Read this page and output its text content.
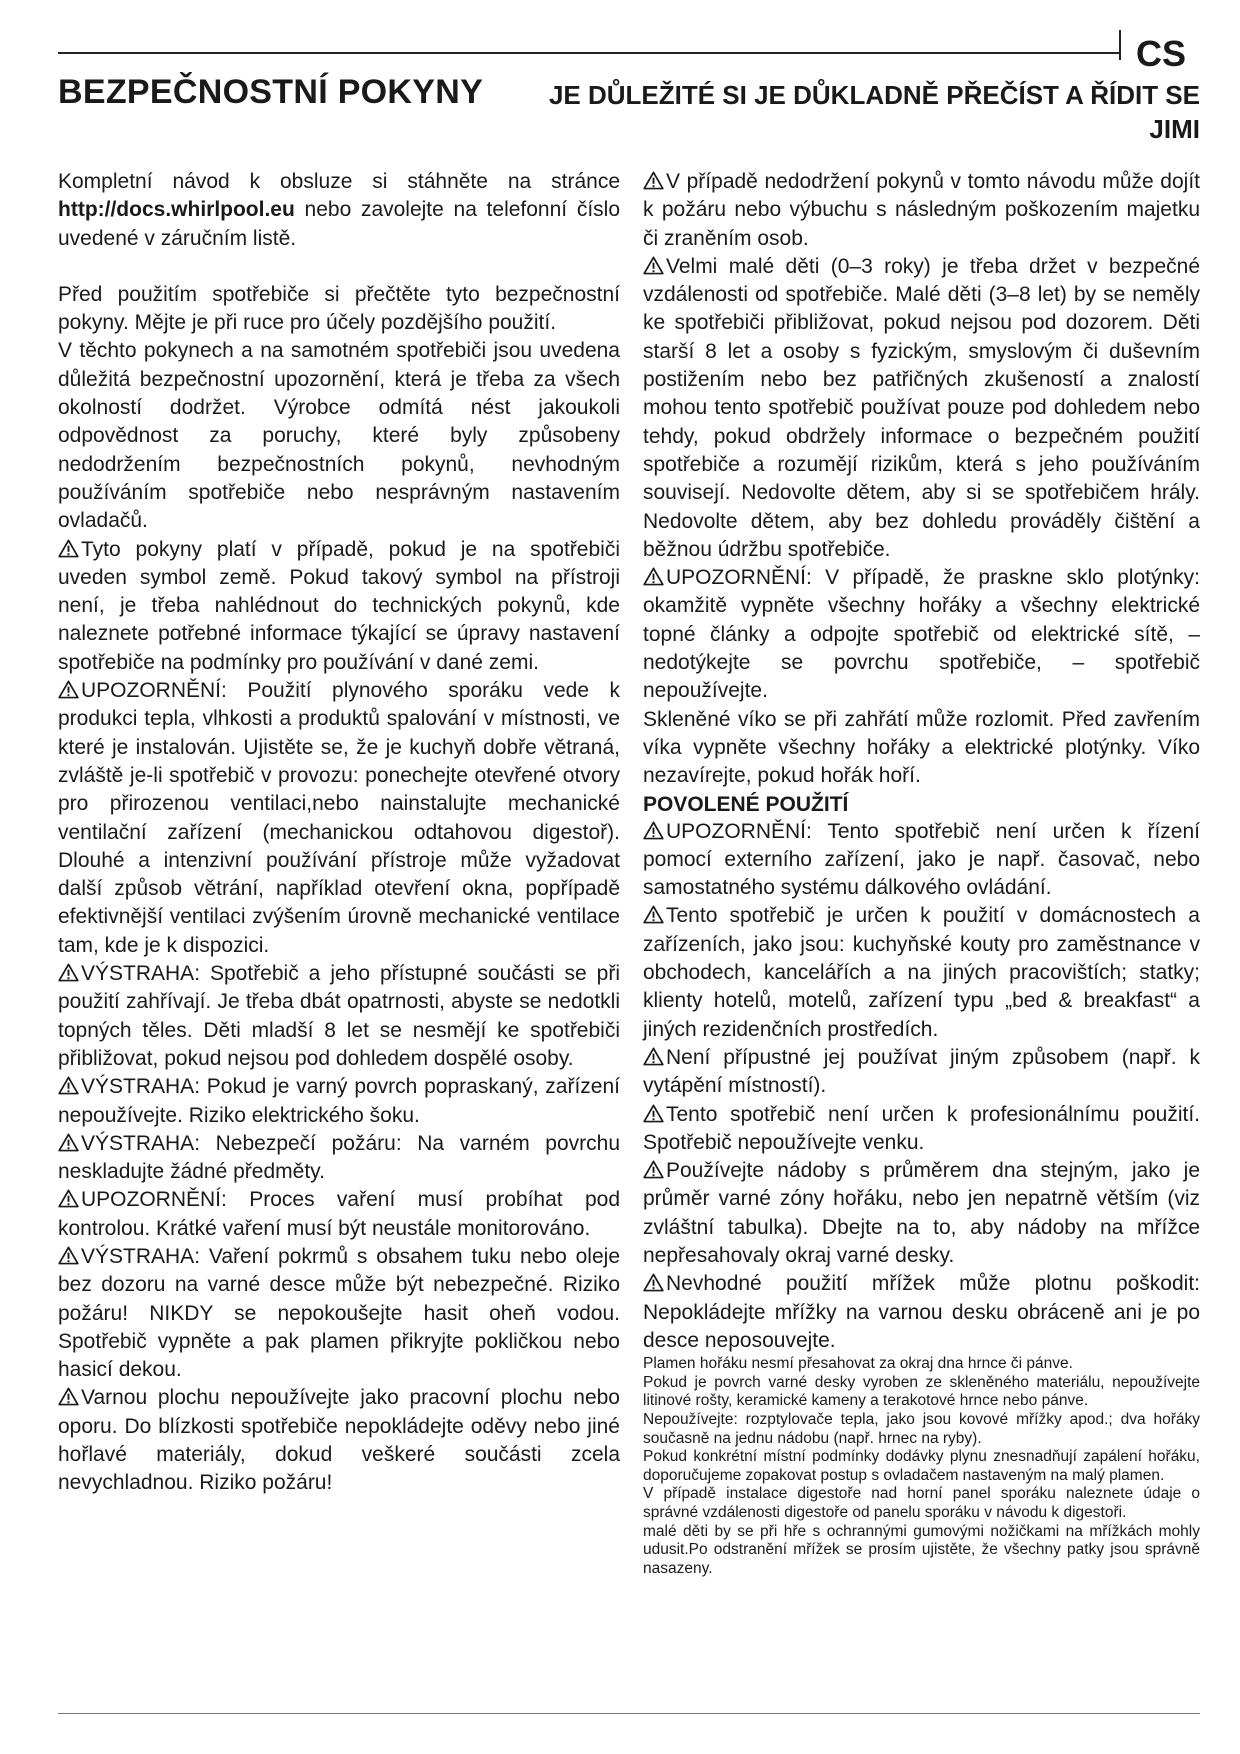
CS
BEZPEČNOSTNÍ POKYNY	JE DŮLEŽITÉ SI JE DŮKLADNĚ PŘEČÍST A ŘÍDIT SE JIMI

Kompletní návod k obsluze si stáhněte na stránce http://docs.whirlpool.eu nebo zavolejte na telefonní číslo uvedené v záručním listě.

Před použitím spotřebiče si přečtěte tyto bezpečnostní pokyny. Mějte je při ruce pro účely pozdějšího použití.

V těchto pokynech a na samotném spotřebiči jsou uvedena důležitá bezpečnostní upozornění, která je třeba za všech okolností dodržet. Výrobce odmítá nést jakoukoli odpovědnost za poruchy, které byly způsobeny nedodržením bezpečnostních pokynů, nevhodným používáním spotřebiče nebo nesprávným nastavením ovladačů.

Tyto pokyny platí v případě, pokud je na spotřebiči uveden symbol země. Pokud takový symbol na přístroji není, je třeba nahlédnout do technických pokynů, kde naleznete potřebné informace týkající se úpravy nastavení spotřebiče na podmínky pro používání v dané zemi.

UPOZORNĚNÍ: Použití plynového sporáku vede k produkci tepla, vlhkosti a produktů spalování v místnosti, ve které je instalován. Ujistěte se, že je kuchyň dobře větraná, zvláště je-li spotřebič v provozu: ponechejte otevřené otvory pro přirozenou ventilaci,nebo nainstalujte mechanické ventilační zařízení (mechanickou odtahovou digestoř). Dlouhé a intenzivní používání přístroje může vyžadovat další způsob větrání, například otevření okna, popřípadě efektivnější ventilaci zvýšením úrovně mechanické ventilace tam, kde je k dispozici.

VÝSTRAHA: Spotřebič a jeho přístupné součásti se při použití zahřívají. Je třeba dbát opatrnosti, abyste se nedotkli topných těles. Děti mladší 8 let se nesmějí ke spotřebiči přibližovat, pokud nejsou pod dohledem dospělé osoby.

VÝSTRAHA: Pokud je varný povrch popraskaný, zařízení nepoužívejte. Riziko elektrického šoku.

VÝSTRAHA: Nebezpečí požáru: Na varném povrchu neskladujte žádné předměty.

UPOZORNĚNÍ: Proces vaření musí probíhat pod kontrolou. Krátké vaření musí být neustále monitorováno.

VÝSTRAHA: Vaření pokrmů s obsahem tuku nebo oleje bez dozoru na varné desce může být nebezpečné. Riziko požáru! NIKDY se nepokoušejte hasit oheň vodou. Spotřebič vypněte a pak plamen přikryjte pokličkou nebo hasicí dekou.

Varnou plochu nepoužívejte jako pracovní plochu nebo oporu. Do blízkosti spotřebiče nepokládejte oděvy nebo jiné hořlavé materiály, dokud veškeré součásti zcela nevychladnou. Riziko požáru!

V případě nedodržení pokynů v tomto návodu může dojít k požáru nebo výbuchu s následným poškozením majetku či zraněním osob.

Velmi malé děti (0–3 roky) je třeba držet v bezpečné vzdálenosti od spotřebiče. Malé děti (3–8 let) by se neměly ke spotřebiči přibližovat, pokud nejsou pod dozorem. Děti starší 8 let a osoby s fyzickým, smyslovým či duševním postižením nebo bez patřičných zkušeností a znalostí mohou tento spotřebič používat pouze pod dohledem nebo tehdy, pokud obdržely informace o bezpečném použití spotřebiče a rozumějí rizikům, která s jeho používáním souvisejí. Nedovolte dětem, aby si se spotřebičem hrály. Nedovolte dětem, aby bez dohledu prováděly čištění a běžnou údržbu spotřebiče.

UPOZORNĚNÍ: V případě, že praskne sklo plotýnky: okamžitě vypněte všechny hořáky a všechny elektrické topné články a odpojte spotřebič od elektrické sítě, – nedotýkejte se povrchu spotřebiče, – spotřebič nepoužívejte.

Skleněné víko se při zahřátí může rozlomit. Před zavřením víka vypněte všechny hořáky a elektrické plotýnky. Víko nezavírejte, pokud hořák hoří.

POVOLENÉ POUŽITÍ

UPOZORNĚNÍ: Tento spotřebič není určen k řízení pomocí externího zařízení, jako je např. časovač, nebo samostatného systému dálkového ovládání.

Tento spotřebič je určen k použití v domácnostech a zařízeních, jako jsou: kuchyňské kouty pro zaměstnance v obchodech, kancelářích a na jiných pracovištích; statky; klienty hotelů, motelů, zařízení typu „bed & breakfast“ a jiných rezidenčních prostředích.

Není přípustné jej používat jiným způsobem (např. k vytápění místností).

Tento spotřebič není určen k profesionálnímu použití. Spotřebič nepoužívejte venku.

Používejte nádoby s průměrem dna stejným, jako je průměr varné zóny hořáku, nebo jen nepatrně větším (viz zvláštní tabulka). Dbejte na to, aby nádoby na mřížce nepřesahovaly okraj varné desky.

Nevhodné použití mřížek může plotnu poškodit: Nepokládejte mřížky na varnou desku obráceně ani je po desce neposouvejte.

Plamen hořáku nesmí přesahovat za okraj dna hrnce či pánve.

Pokud je povrch varné desky vyroben ze skleněného materiálu, nepoužívejte litinové rošty, keramické kameny a terakotové hrnce nebo pánve.

Nepoužívejte: rozptylovače tepla, jako jsou kovové mřížky apod.; dva hořáky současně na jednu nádobu (např. hrnec na ryby).

Pokud konkrétní místní podmínky dodávky plynu znesnadňují zapálení hořáku, doporučujeme zopakovat postup s ovladačem nastaveným na malý plamen.

V případě instalace digestoře nad horní panel sporáku naleznete údaje o správné vzdálenosti digestoře od panelu sporáku v návodu k digestoři.

malé děti by se při hře s ochrannými gumovými nožičkami na mřížkách mohly udusit.Po odstranění mřížek se prosím ujistěte, že všechny patky jsou správně nasazeny.
